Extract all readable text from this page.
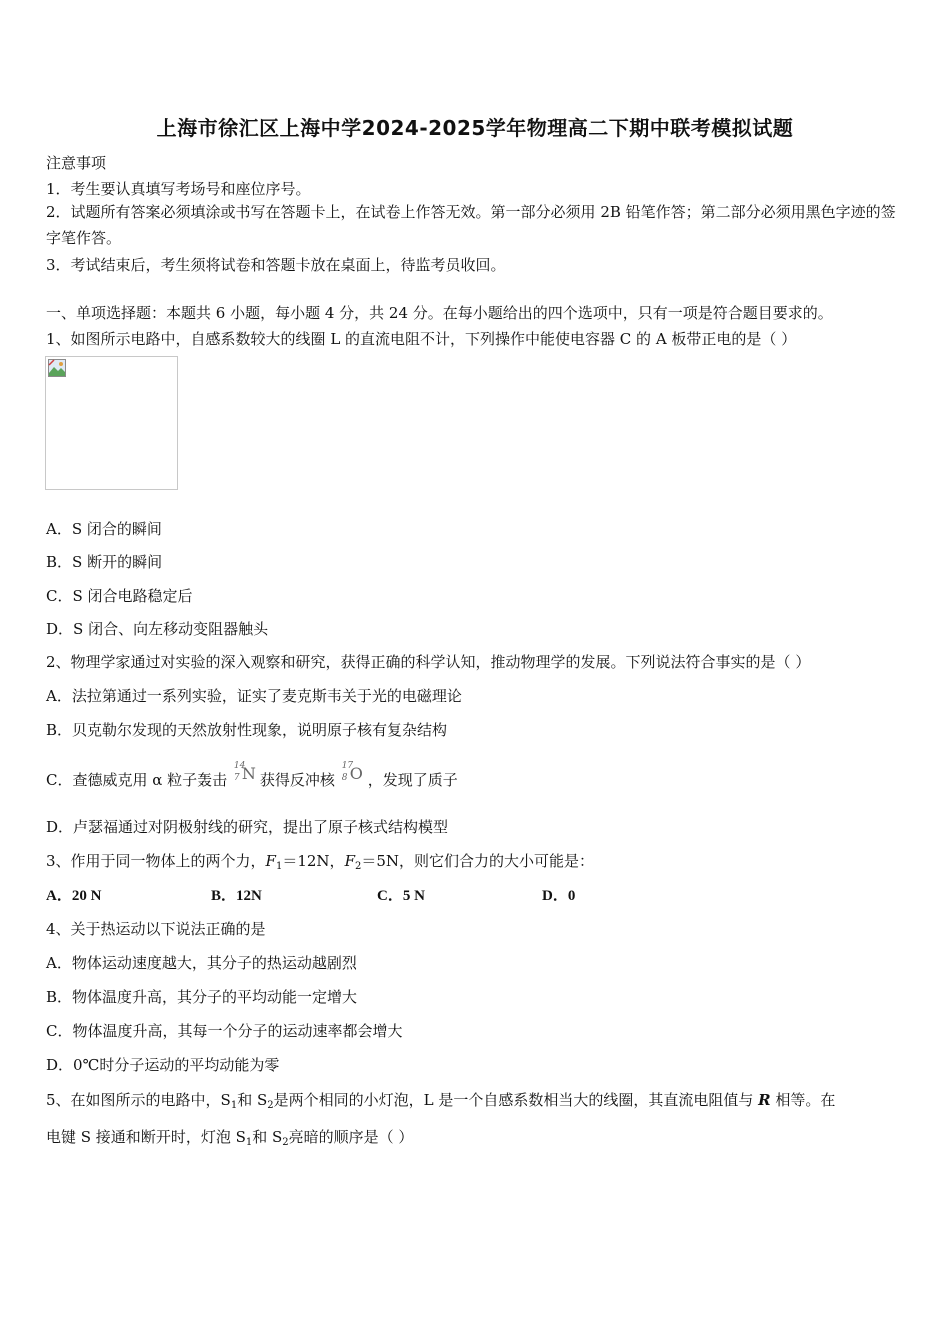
上海市徐汇区上海中学2024-2025学年物理高二下期中联考模拟试题
注意事项
1．考生要认真填写考场号和座位序号。
2．试题所有答案必须填涂或书写在答题卡上，在试卷上作答无效。第一部分必须用 2B 铅笔作答；第二部分必须用黑色字迹的签字笔作答。
3．考试结束后，考生须将试卷和答题卡放在桌面上，待监考员收回。
一、单项选择题：本题共 6 小题，每小题 4 分，共 24 分。在每小题给出的四个选项中，只有一项是符合题目要求的。
1、如图所示电路中，自感系数较大的线圈 L 的直流电阻不计，下列操作中能使电容器 C 的 A 板带正电的是（ ）
A．S 闭合的瞬间
B．S 断开的瞬间
C．S 闭合电路稳定后
D．S 闭合、向左移动变阻器触头
2、物理学家通过对实验的深入观察和研究，获得正确的科学认知，推动物理学的发展。下列说法符合事实的是（ ）
A．法拉第通过一系列实验，证实了麦克斯韦关于光的电磁理论
B．贝克勒尔发现的天然放射性现象，说明原子核有复杂结构
C．查德威克用 α 粒子轰击
14
7 N 获得反冲核
17
8 O ，发现了质子
D．卢瑟福通过对阴极射线的研究，提出了原子核式结构模型
3、作用于同一物体上的两个力，$F_1=12N$，$F_2=5N$，则它们合力的大小可能是：
A．20 N	B．12N	C．5 N	D．0
4、关于热运动以下说法正确的是
A．物体运动速度越大，其分子的热运动越剧烈
B．物体温度升高，其分子的平均动能一定增大
C．物体温度升高，其每一个分子的运动速率都会增大
D．0℃时分子运动的平均动能为零
5、在如图所示的电路中，$S_1$和 $S_2$是两个相同的小灯泡，L 是一个自感系数相当大的线圈，其直流电阻值与 R 相等。在
电键 S 接通和断开时，灯泡 $S_1$和 $S_2$亮暗的顺序是（ ）
